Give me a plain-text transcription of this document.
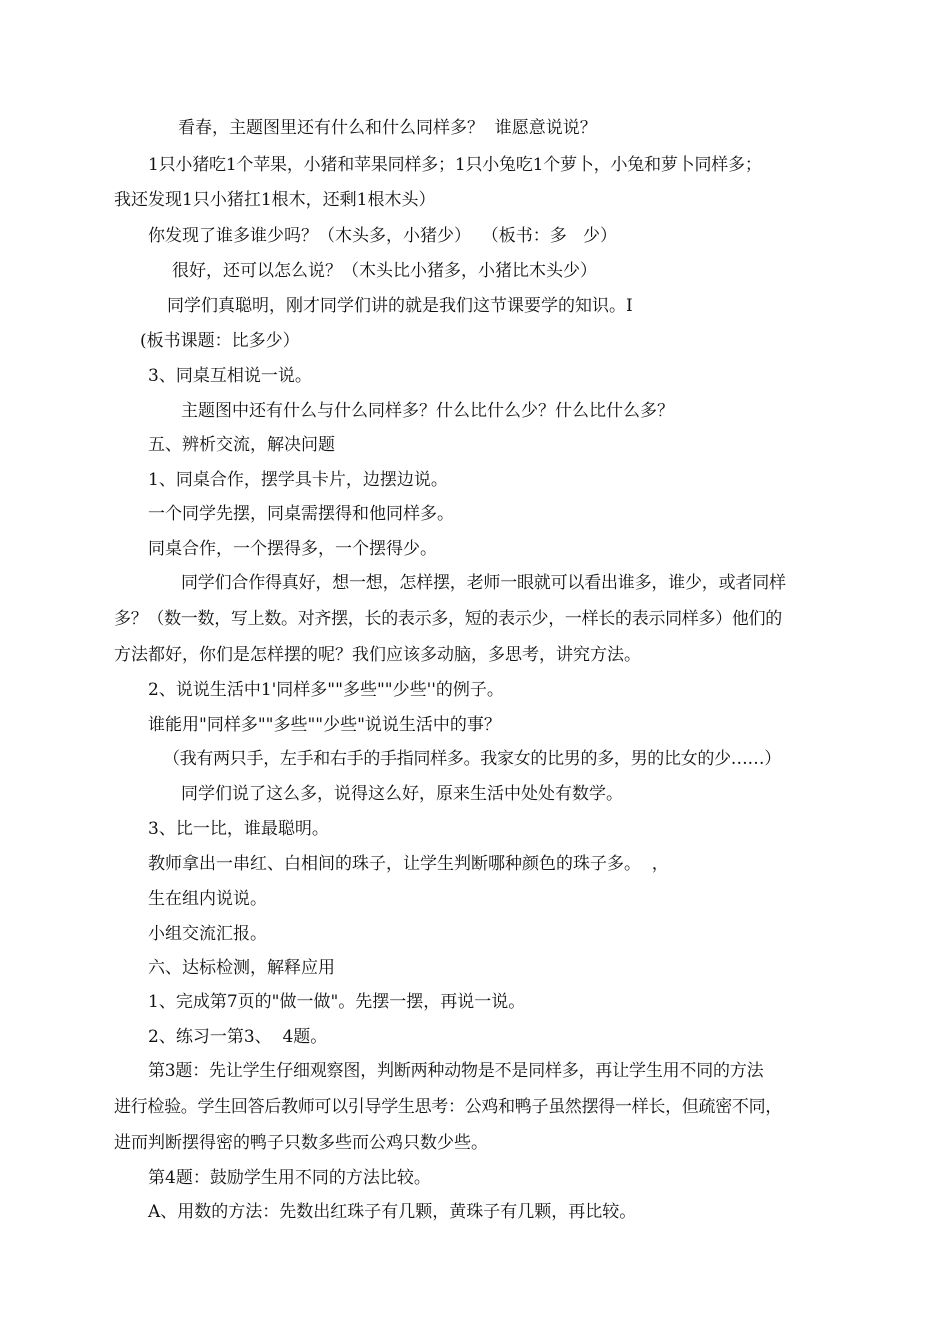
看春，主题图里还有什么和什么同样多？  谁愿意说说？
1只小猪吃1个苹果，小猪和苹果同样多；1只小兔吃1个萝卜，小兔和萝卜同样多；
我还发现1只小猪扛1根木，还剩1根木头）
你发现了谁多谁少吗？（木头多，小猪少）  （板书：多   少）
很好，还可以怎么说？（木头比小猪多，小猪比木头少）
同学们真聪明，刚才同学们讲的就是我们这节课要学的知识。I
(板书课题：比多少）
3、同桌互相说一说。
主题图中还有什么与什么同样多？什么比什么少？什么比什么多？
五、辨析交流，解决问题
1、同桌合作，摆学具卡片，边摆边说。
一个同学先摆，同桌需摆得和他同样多。
同桌合作，一个摆得多，一个摆得少。
同学们合作得真好，想一想，怎样摆，老师一眼就可以看出谁多，谁少，或者同样
多？（数一数，写上数。对齐摆，长的表示多，短的表示少，一样长的表示同样多）他们的
方法都好，你们是怎样摆的呢？我们应该多动脑，多思考，讲究方法。
2、说说生活中1'同样多""多些""少些''的例子。
谁能用"同样多""多些""少些"说说生活中的事？
（我有两只手，左手和右手的手指同样多。我家女的比男的多，男的比女的少……）
同学们说了这么多，说得这么好，原来生活中处处有数学。
3、比一比，谁最聪明。
教师拿出一串红、白相间的珠子，让学生判断哪种颜色的珠子多。  ，
生在组内说说。
小组交流汇报。
六、达标检测，解释应用
1、完成第7页的"做一做"。先摆一摆，再说一说。
2、练习一第3、  4题。
第3题：先让学生仔细观察图，判断两种动物是不是同样多，再让学生用不同的方法
进行检验。学生回答后教师可以引导学生思考：公鸡和鸭子虽然摆得一样长，但疏密不同，
进而判断摆得密的鸭子只数多些而公鸡只数少些。
第4题：鼓励学生用不同的方法比较。
A、用数的方法：先数出红珠子有几颗，黄珠子有几颗，再比较。
